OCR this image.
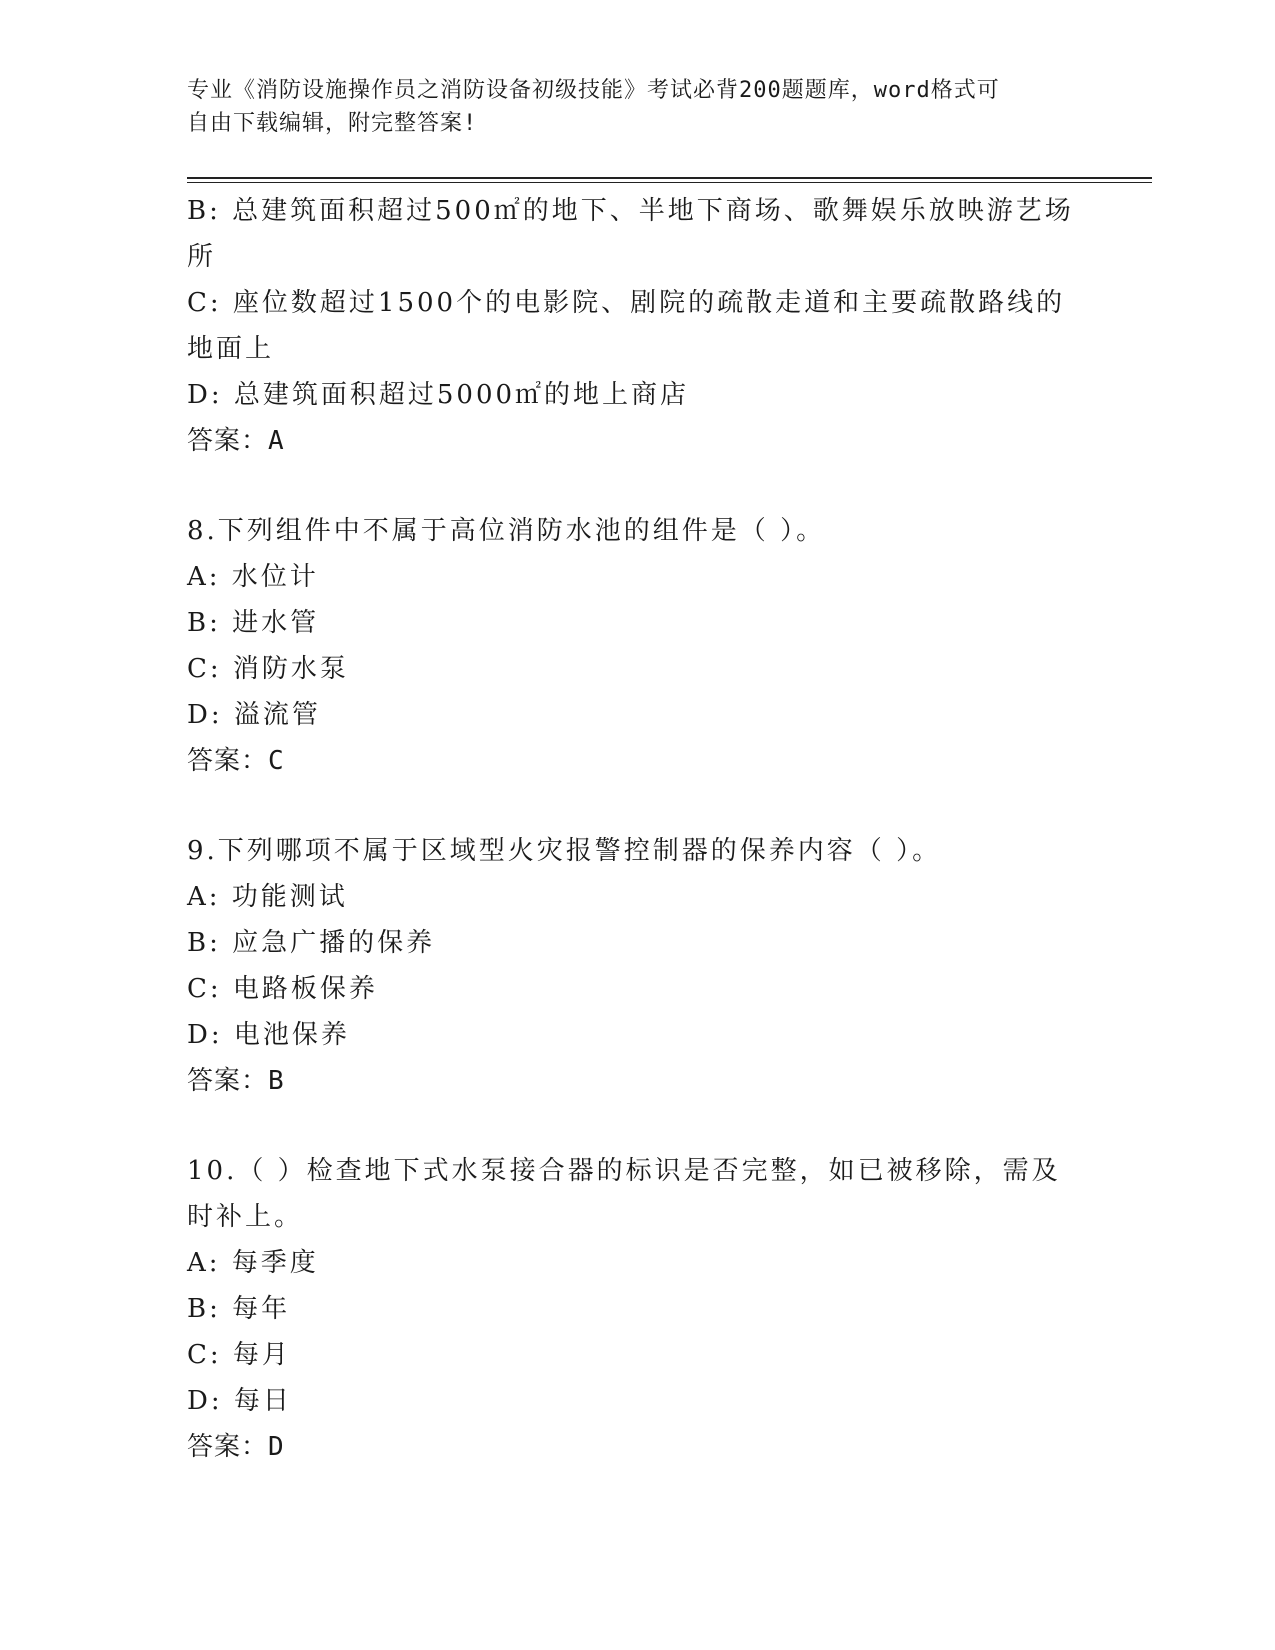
专业《消防设施操作员之消防设备初级技能》考试必背200题题库，word格式可
自由下载编辑，附完整答案!
B: 总建筑面积超过500㎡的地下、半地下商场、歌舞娱乐放映游艺场
所
C: 座位数超过1500个的电影院、剧院的疏散走道和主要疏散路线的
地面上
D: 总建筑面积超过5000㎡的地上商店
答案：A
8.下列组件中不属于高位消防水池的组件是（ ）。
A: 水位计
B: 进水管
C: 消防水泵
D: 溢流管
答案：C
9.下列哪项不属于区域型火灾报警控制器的保养内容（ ）。
A: 功能测试
B: 应急广播的保养
C: 电路板保养
D: 电池保养
答案：B
10.（ ）检查地下式水泵接合器的标识是否完整，如已被移除，需及
时补上。
A: 每季度
B: 每年
C: 每月
D: 每日
答案：D
